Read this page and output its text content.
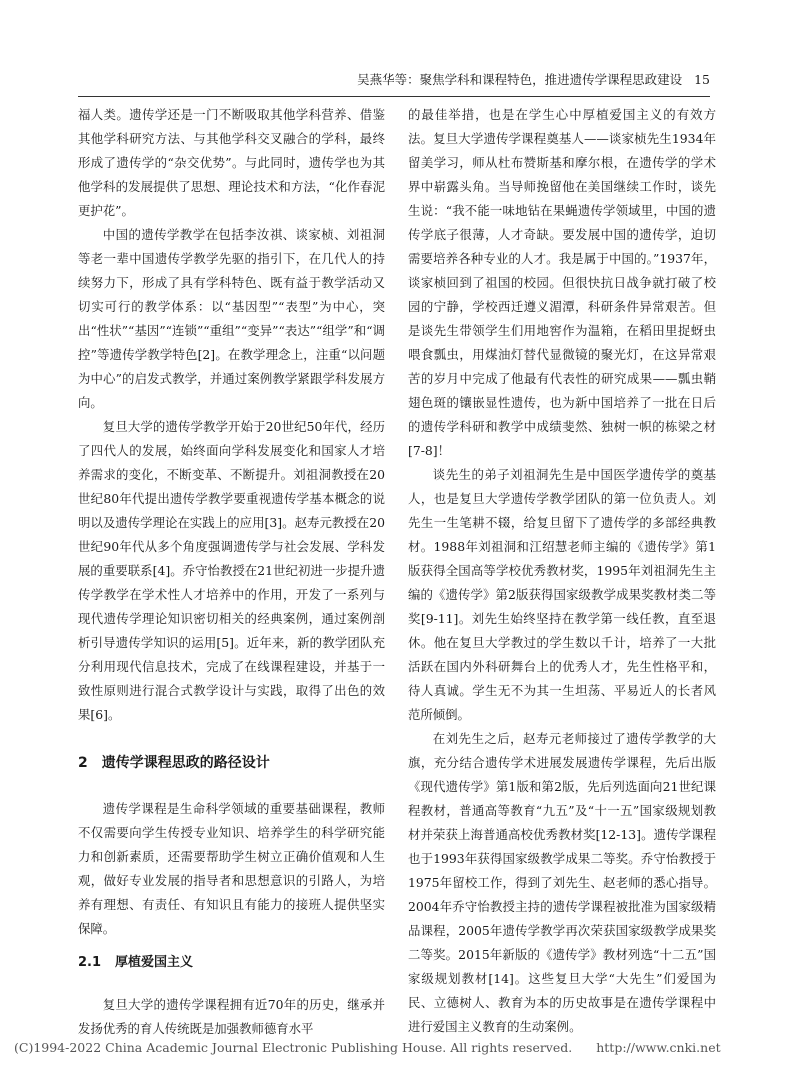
吴燕华等：聚焦学科和课程特色，推进遗传学课程思政建设 15

福人类。遗传学还是一门不断吸取其他学科营养、借鉴其他学科研究方法、与其他学科交叉融合的学科，最终形成了遗传学的“杂交优势”。与此同时，遗传学也为其他学科的发展提供了思想、理论技术和方法，“化作春泥更护花”。

中国的遗传学教学在包括李汝祺、谈家桢、刘祖洞等老一辈中国遗传学教学先驱的指引下，在几代人的持续努力下，形成了具有学科特色、既有益于教学活动又切实可行的教学体系：以“基因型”“表型”为中心，突出“性状”“基因”“连锁”“重组”“变异”“表达”“组学”和“调控”等遗传学教学特色[2]。在教学理念上，注重“以问题为中心”的启发式教学，并通过案例教学紧跟学科发展方向。

复旦大学的遗传学教学开始于20世纪50年代，经历了四代人的发展，始终面向学科发展变化和国家人才培养需求的变化，不断变革、不断提升。刘祖洞教授在20世纪80年代提出遗传学教学要重视遗传学基本概念的说明以及遗传学理论在实践上的应用[3]。赵寿元教授在20世纪90年代从多个角度强调遗传学与社会发展、学科发展的重要联系[4]。乔守怡教授在21世纪初进一步提升遗传学教学在学术性人才培养中的作用，开发了一系列与现代遗传学理论知识密切相关的经典案例，通过案例剖析引导遗传学知识的运用[5]。近年来，新的教学团队充分利用现代信息技术，完成了在线课程建设，并基于一致性原则进行混合式教学设计与实践，取得了出色的效果[6]。

2 遗传学课程思政的路径设计

遗传学课程是生命科学领域的重要基础课程，教师不仅需要向学生传授专业知识、培养学生的科学研究能力和创新素质，还需要帮助学生树立正确价值观和人生观，做好专业发展的指导者和思想意识的引路人，为培养有理想、有责任、有知识且有能力的接班人提供坚实保障。

2.1 厚植爱国主义

复旦大学的遗传学课程拥有近70年的历史，继承并发扬优秀的育人传统既是加强教师德育水平

的最佳举措，也是在学生心中厚植爱国主义的有效方法。复旦大学遗传学课程奠基人——谈家桢先生1934年留美学习，师从杜布赞斯基和摩尔根，在遗传学的学术界中崭露头角。当导师挽留他在美国继续工作时，谈先生说：“我不能一味地钻在果蝇遗传学领域里，中国的遗传学底子很薄，人才奇缺。要发展中国的遗传学，迫切需要培养各种专业的人才。我是属于中国的。”1937年，谈家桢回到了祖国的校园。但很快抗日战争就打破了校园的宁静，学校西迁遵义湄潭，科研条件异常艰苦。但是谈先生带领学生们用地窖作为温箱，在稻田里捉蚜虫喂食瓢虫，用煤油灯替代显微镜的聚光灯，在这异常艰苦的岁月中完成了他最有代表性的研究成果——瓢虫鞘翅色斑的镶嵌显性遗传，也为新中国培养了一批在日后的遗传学科研和教学中成绩斐然、独树一帜的栋梁之材[7-8]！

谈先生的弟子刘祖洞先生是中国医学遗传学的奠基人，也是复旦大学遗传学教学团队的第一位负责人。刘先生一生笔耕不辍，给复旦留下了遗传学的多部经典教材。1988年刘祖洞和江绍慧老师主编的《遗传学》第1版获得全国高等学校优秀教材奖，1995年刘祖洞先生主编的《遗传学》第2版获得国家级教学成果奖教材类二等奖[9-11]。刘先生始终坚持在教学第一线任教，直至退休。他在复旦大学教过的学生数以千计，培养了一大批活跃在国内外科研舞台上的优秀人才，先生性格平和，待人真诚。学生无不为其一生坦荡、平易近人的长者风范所倾倒。

在刘先生之后，赵寿元老师接过了遗传学教学的大旗，充分结合遗传学术进展发展遗传学课程，先后出版《现代遗传学》第1版和第2版，先后列选面向21世纪课程教材，普通高等教育“九五”及“十一五”国家级规划教材并荣获上海普通高校优秀教材奖[12-13]。遗传学课程也于1993年获得国家级教学成果二等奖。乔守怡教授于1975年留校工作，得到了刘先生、赵老师的悉心指导。2004年乔守怡教授主持的遗传学课程被批准为国家级精品课程，2005年遗传学教学再次荣获国家级教学成果奖二等奖。2015年新版的《遗传学》教材列选“十二五”国家级规划教材[14]。这些复旦大学“大先生”们爱国为民、立德树人、教育为本的历史故事是在遗传学课程中进行爱国主义教育的生动案例。

(C)1994-2022 China Academic Journal Electronic Publishing House. All rights reserved. http://www.cnki.net
